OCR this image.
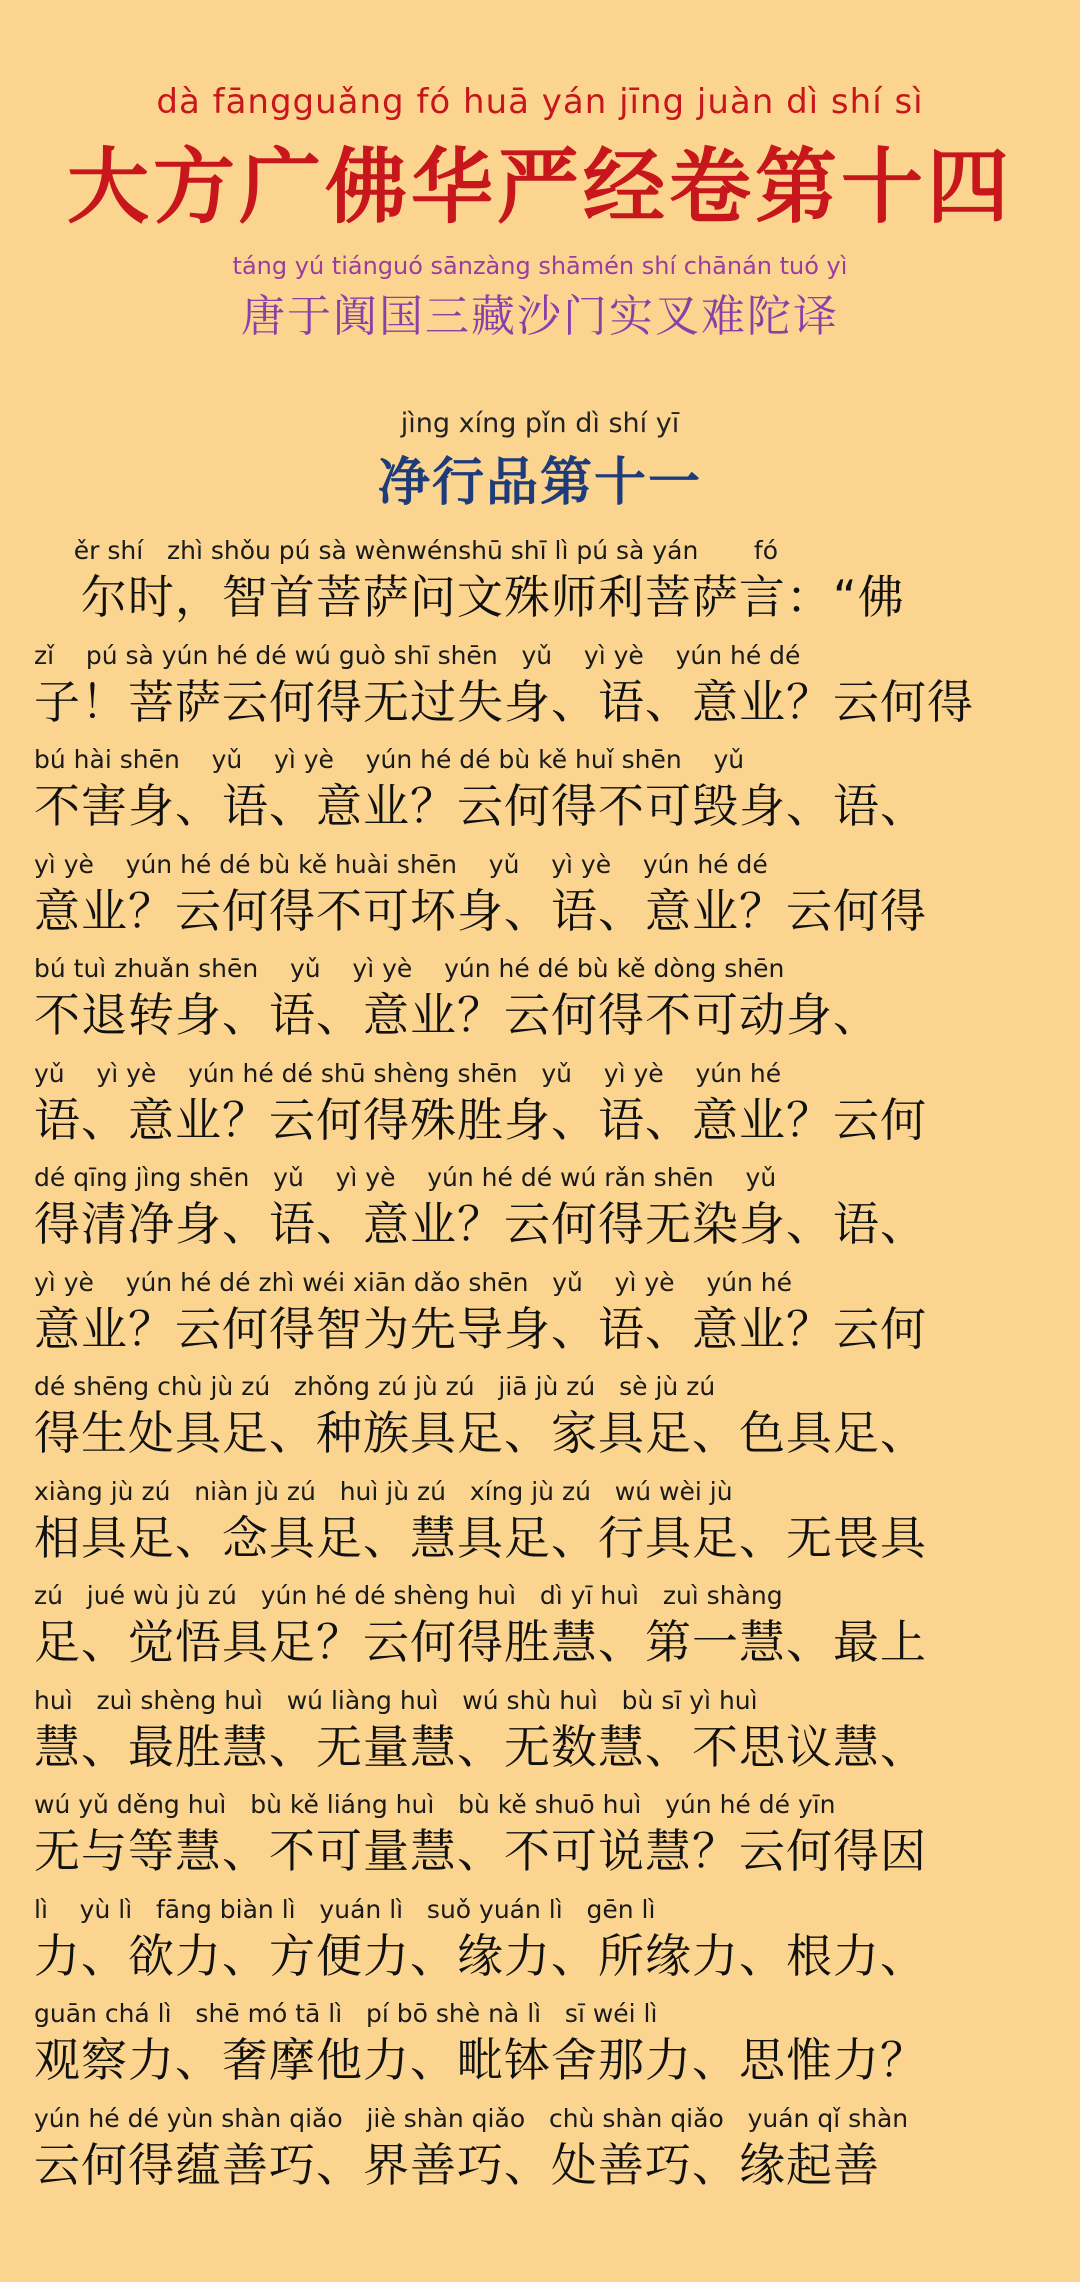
dà fāngguǎng fó huā yán jīng juàn dì shí sì
大方广佛华严经卷第十四
táng yú tiánguó sānzàng shāmén shí chānán tuó yì
唐于阗国三藏沙门实叉难陀译
jìng xíng pǐn dì shí yī
净行品第十一
ěr shí   zhì shǒu pú sà wènwénshū shī lì pú sà yán       fó
尔时，智首菩萨问文殊师利菩萨言：“佛
zǐ    pú sà yún hé dé wú guò shī shēn   yǔ    yì yè    yún hé dé
子！菩萨云何得无过失身、语、意业？云何得
bú hài shēn    yǔ    yì yè    yún hé dé bù kě huǐ shēn    yǔ
不害身、语、意业？云何得不可毁身、语、
yì yè    yún hé dé bù kě huài shēn    yǔ    yì yè    yún hé dé
意业？云何得不可坏身、语、意业？云何得
bú tuì zhuǎn shēn    yǔ    yì yè    yún hé dé bù kě dòng shēn
不退转身、语、意业？云何得不可动身、
yǔ    yì yè    yún hé dé shū shèng shēn   yǔ    yì yè    yún hé
语、意业？云何得殊胜身、语、意业？云何
dé qīng jìng shēn   yǔ    yì yè    yún hé dé wú rǎn shēn    yǔ
得清净身、语、意业？云何得无染身、语、
yì yè    yún hé dé zhì wéi xiān dǎo shēn   yǔ    yì yè    yún hé
意业？云何得智为先导身、语、意业？云何
dé shēng chù jù zú   zhǒng zú jù zú   jiā jù zú   sè jù zú
得生处具足、种族具足、家具足、色具足、
xiàng jù zú   niàn jù zú   huì jù zú   xíng jù zú   wú wèi jù
相具足、念具足、慧具足、行具足、无畏具
zú   jué wù jù zú   yún hé dé shèng huì   dì yī huì   zuì shàng
足、觉悟具足？云何得胜慧、第一慧、最上
huì   zuì shèng huì   wú liàng huì   wú shù huì   bù sī yì huì
慧、最胜慧、无量慧、无数慧、不思议慧、
wú yǔ děng huì   bù kě liáng huì   bù kě shuō huì   yún hé dé yīn
无与等慧、不可量慧、不可说慧？云何得因
lì    yù lì   fāng biàn lì   yuán lì   suǒ yuán lì   gēn lì
力、欲力、方便力、缘力、所缘力、根力、
guān chá lì   shē mó tā lì   pí bō shè nà lì   sī wéi lì
观察力、奢摩他力、毗钵舍那力、思惟力？
yún hé dé yùn shàn qiǎo   jiè shàn qiǎo   chù shàn qiǎo   yuán qǐ shàn
云何得蕴善巧、界善巧、处善巧、缘起善
